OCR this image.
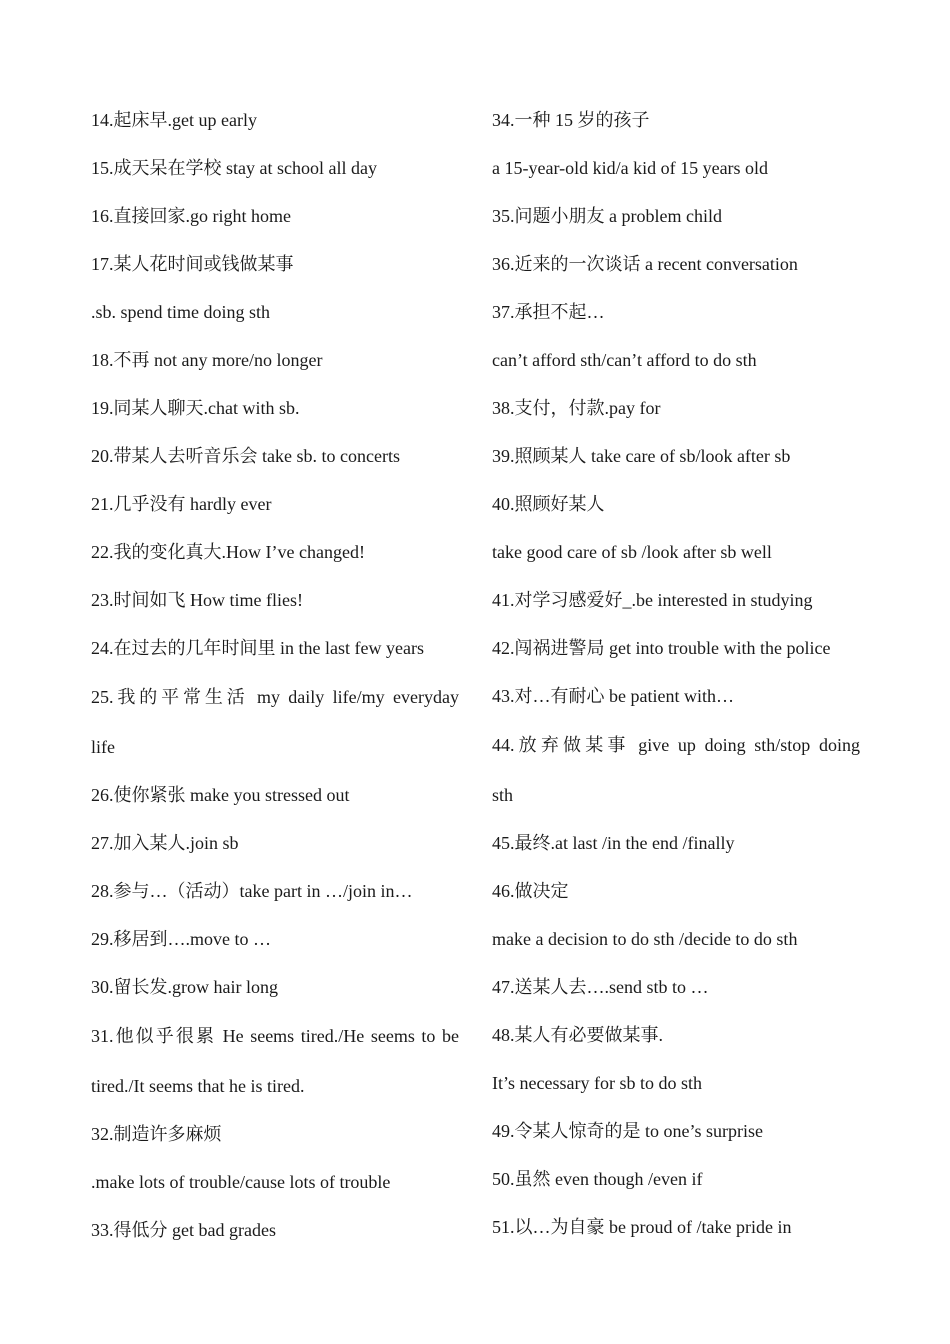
14.起床早.get up early
15.成天呆在学校 stay at school all day
16.直接回家.go right home
17.某人花时间或钱做某事
.sb. spend time doing sth
18.不再 not any more/no longer
19.同某人聊天.chat with sb.
20.带某人去听音乐会 take sb. to concerts
21.几乎没有 hardly ever
22.我的变化真大.How I’ve changed!
23.时间如飞 How time flies!
24.在过去的几年时间里 in the last few years
25.我的平常生活 my daily life/my everyday
life
26.使你紧张 make you stressed out
27.加入某人.join sb
28.参与…（活动）take part in …/join in…
29.移居到….move to …
30.留长发.grow hair long
31.他似乎很累 He seems tired./He seems to be
tired./It seems that he is tired.
32.制造许多麻烦
.make lots of trouble/cause lots of trouble
33.得低分 get bad grades
34.一种 15 岁的孩子
a 15-year-old kid/a kid of 15 years old
35.问题小朋友 a problem child
36.近来的一次谈话 a recent conversation
37.承担不起…
can’t afford sth/can’t afford to do sth
38.支付，付款.pay for
39.照顾某人 take care of sb/look after sb
40.照顾好某人
take good care of sb /look after sb well
41.对学习感爱好_.be interested in studying
42.闯祸进警局 get into trouble with the police
43.对…有耐心 be patient with…
44.放弃做某事 give up doing sth/stop doing
sth
45.最终.at last /in the end /finally
46.做决定
make a decision to do sth /decide to do sth
47.送某人去….send stb to …
48.某人有必要做某事.
It’s necessary for sb to do sth
49.令某人惊奇的是 to one’s surprise
50.虽然 even though /even if
51.以…为自豪 be proud of /take pride in
